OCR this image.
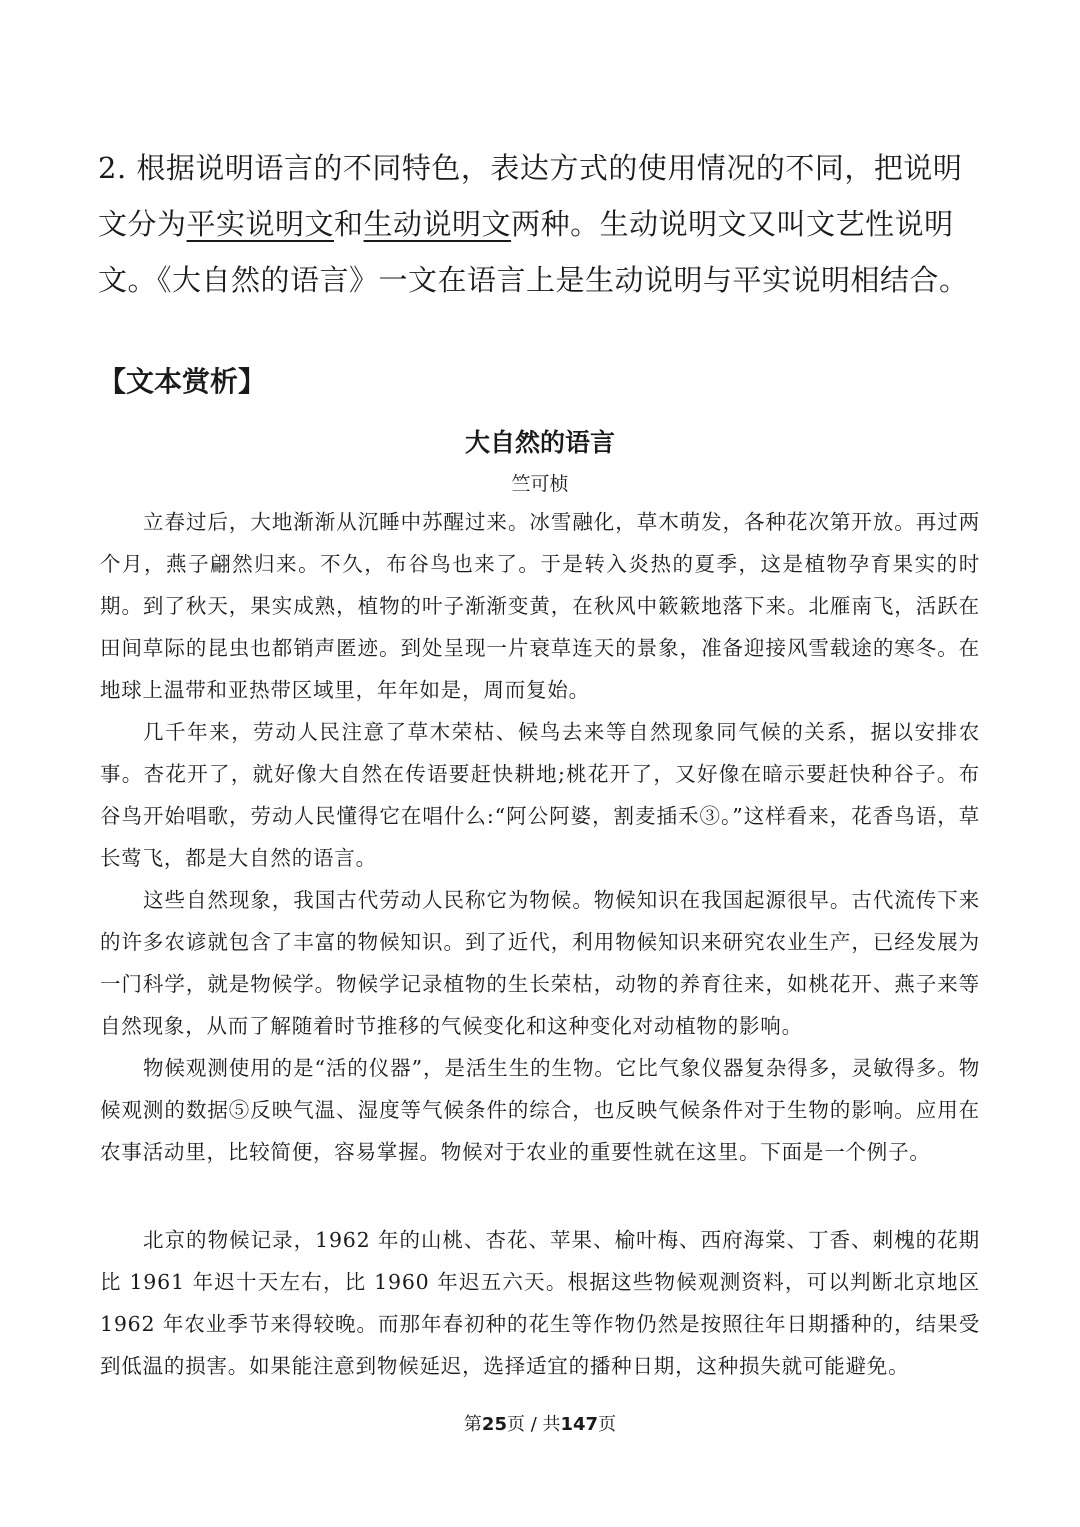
2. 根据说明语言的不同特色，表达方式的使用情况的不同，把说明文分为平实说明文和生动说明文两种。生动说明文又叫文艺性说明文。《大自然的语言》一文在语言上是生动说明与平实说明相结合。
【文本赏析】
大自然的语言
竺可桢

立春过后，大地渐渐从沉睡中苏醒过来。冰雪融化，草木萌发，各种花次第开放。再过两个月，燕子翩然归来。不久，布谷鸟也来了。于是转入炎热的夏季，这是植物孕育果实的时期。到了秋天，果实成熟，植物的叶子渐渐变黄，在秋风中簌簌地落下来。北雁南飞，活跃在田间草际的昆虫也都销声匿迹。到处呈现一片衰草连天的景象，准备迎接风雪载途的寒冬。在地球上温带和亚热带区域里，年年如是，周而复始。

几千年来，劳动人民注意了草木荣枯、候鸟去来等自然现象同气候的关系，据以安排农事。杏花开了，就好像大自然在传语要赶快耕地;桃花开了，又好像在暗示要赶快种谷子。布谷鸟开始唱歌，劳动人民懂得它在唱什么:“阿公阿婆，割麦插禾③。”这样看来，花香鸟语，草长莺飞，都是大自然的语言。

这些自然现象，我国古代劳动人民称它为物候。物候知识在我国起源很早。古代流传下来的许多农谚就包含了丰富的物候知识。到了近代，利用物候知识来研究农业生产，已经发展为一门科学，就是物候学。物候学记录植物的生长荣枯，动物的养育往来，如桃花开、燕子来等自然现象，从而了解随着时节推移的气候变化和这种变化对动植物的影响。

物候观测使用的是“活的仪器”，是活生生的生物。它比气象仪器复杂得多，灵敏得多。物候观测的数据⑤反映气温、湿度等气候条件的综合，也反映气候条件对于生物的影响。应用在农事活动里，比较简便，容易掌握。物候对于农业的重要性就在这里。下面是一个例子。

北京的物候记录，1962 年的山桃、杏花、苹果、榆叶梅、西府海棠、丁香、刺槐的花期比 1961 年迟十天左右，比 1960 年迟五六天。根据这些物候观测资料，可以判断北京地区 1962 年农业季节来得较晚。而那年春初种的花生等作物仍然是按照往年日期播种的，结果受到低温的损害。如果能注意到物候延迟，选择适宜的播种日期，这种损失就可能避免。

第25页 / 共147页
